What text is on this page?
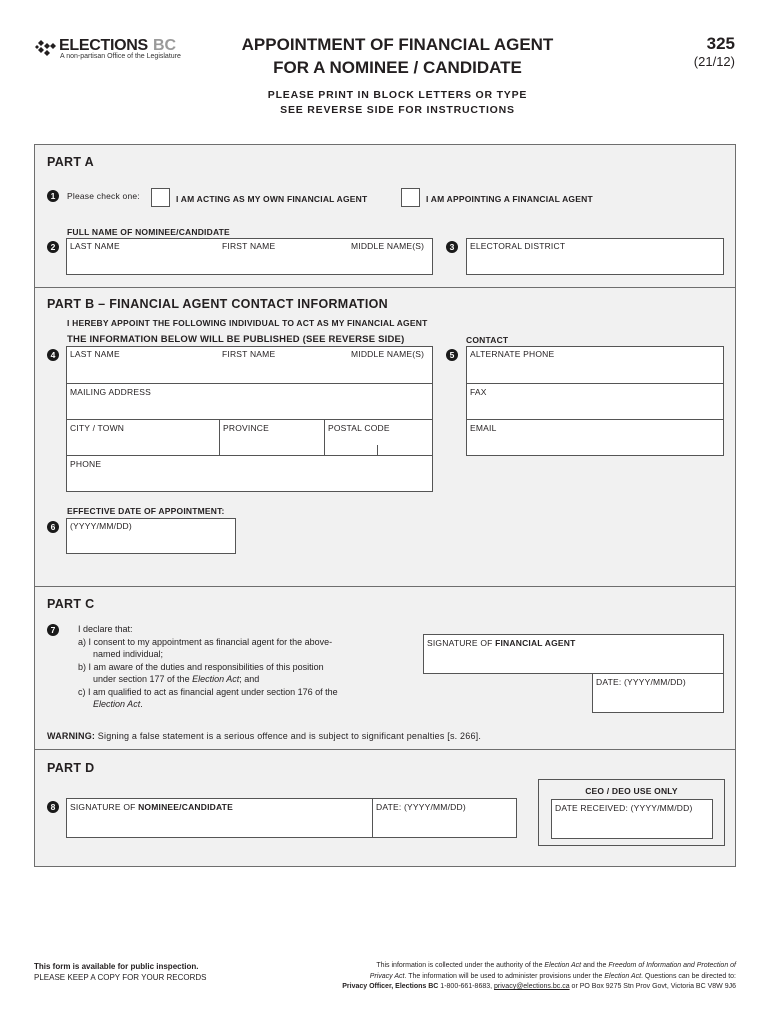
ELECTIONS BC
A non-partisan Office of the Legislature
APPOINTMENT OF FINANCIAL AGENT
FOR A NOMINEE / CANDIDATE
325
(21/12)
PLEASE PRINT IN BLOCK LETTERS OR TYPE
SEE REVERSE SIDE FOR INSTRUCTIONS
PART A
1	Please check one:	I AM ACTING AS MY OWN FINANCIAL AGENT	I AM APPOINTING A FINANCIAL AGENT
FULL NAME OF NOMINEE/CANDIDATE
2	LAST NAME	FIRST NAME	MIDDLE NAME(S)	3	ELECTORAL DISTRICT
PART B – FINANCIAL AGENT CONTACT INFORMATION
I HEREBY APPOINT THE FOLLOWING INDIVIDUAL TO ACT AS MY FINANCIAL AGENT
THE INFORMATION BELOW WILL BE PUBLISHED (SEE REVERSE SIDE)
4	LAST NAME	FIRST NAME	MIDDLE NAME(S)
MAILING ADDRESS
CITY / TOWN	PROVINCE	POSTAL CODE
PHONE
CONTACT
5	ALTERNATE PHONE
FAX
EMAIL
EFFECTIVE DATE OF APPOINTMENT:
6	(YYYY/MM/DD)
PART C
7	I declare that:
a) I consent to my appointment as financial agent for the above-
named individual;
b) I am aware of the duties and responsibilities of this position
under section 177 of the Election Act; and
c) I am qualified to act as financial agent under section 176 of the
Election Act.
SIGNATURE OF FINANCIAL AGENT
DATE: (YYYY/MM/DD)
WARNING: Signing a false statement is a serious offence and is subject to significant penalties [s. 266].
PART D
8	SIGNATURE OF NOMINEE/CANDIDATE	DATE: (YYYY/MM/DD)
CEO / DEO USE ONLY
DATE RECEIVED: (YYYY/MM/DD)
This form is available for public inspection.
PLEASE KEEP A COPY FOR YOUR RECORDS
This information is collected under the authority of the Election Act and the Freedom of Information and Protection of
Privacy Act. The information will be used to administer provisions under the Election Act. Questions can be directed to:
Privacy Officer, Elections BC 1-800-661-8683, privacy@elections.bc.ca or PO Box 9275 Stn Prov Govt, Victoria BC V8W 9J6
